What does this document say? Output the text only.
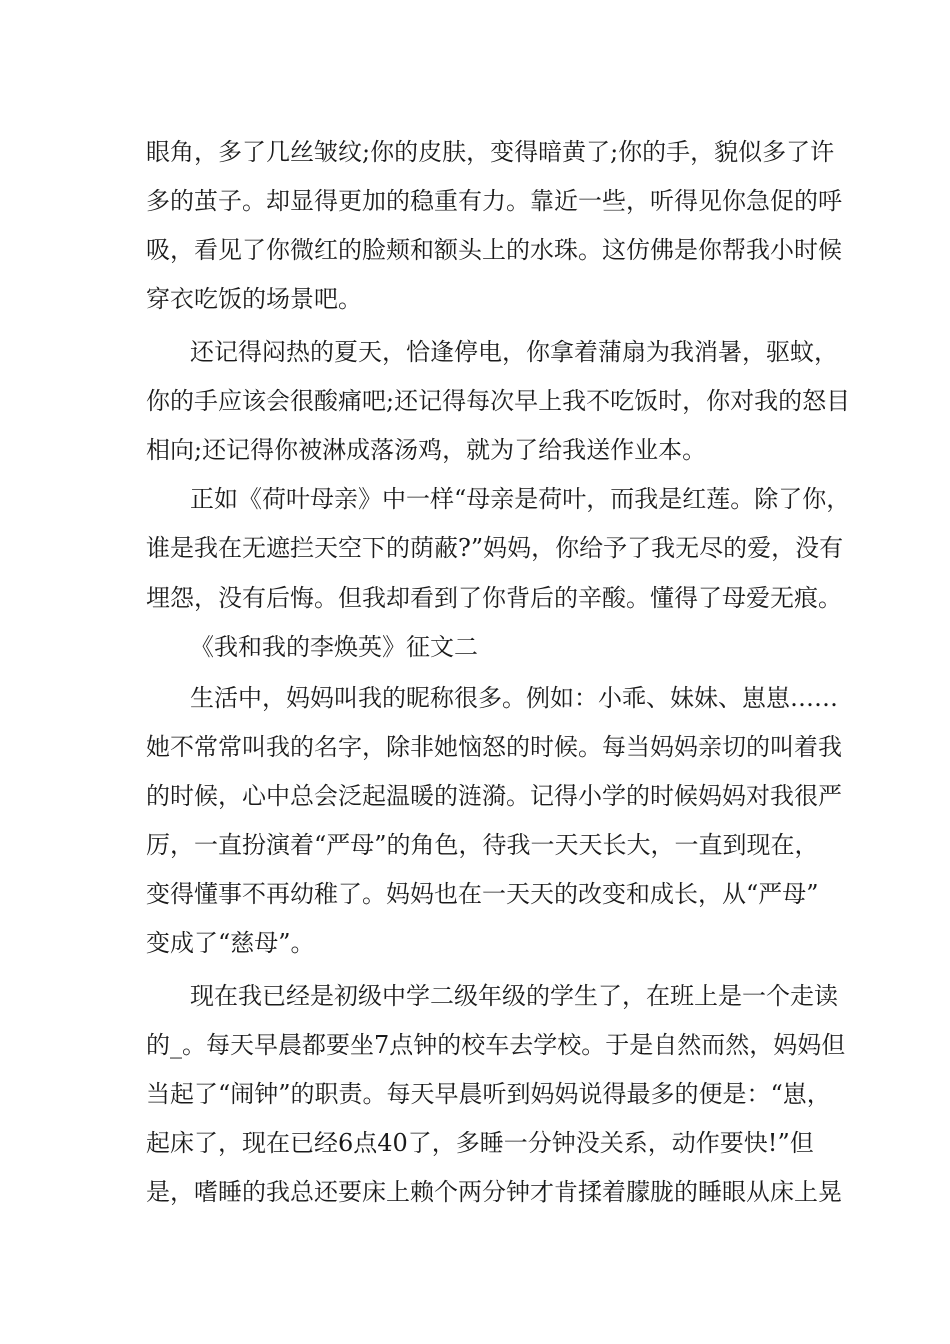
眼角，多了几丝皱纹;你的皮肤，变得暗黄了;你的手，貌似多了许
多的茧子。却显得更加的稳重有力。靠近一些，听得见你急促的呼
吸，看见了你微红的脸颊和额头上的水珠。这仿佛是你帮我小时候
穿衣吃饭的场景吧。
还记得闷热的夏天，恰逢停电，你拿着蒲扇为我消暑，驱蚊，
你的手应该会很酸痛吧;还记得每次早上我不吃饭时，你对我的怒目
相向;还记得你被淋成落汤鸡，就为了给我送作业本。
正如《荷叶母亲》中一样“母亲是荷叶，而我是红莲。除了你，
谁是我在无遮拦天空下的荫蔽?”妈妈，你给予了我无尽的爱，没有
埋怨，没有后悔。但我却看到了你背后的辛酸。懂得了母爱无痕。
《我和我的李焕英》征文二
生活中，妈妈叫我的昵称很多。例如：小乖、妹妹、崽崽……
她不常常叫我的名字，除非她恼怒的时候。每当妈妈亲切的叫着我
的时候，心中总会泛起温暖的涟漪。记得小学的时候妈妈对我很严
厉，一直扮演着“严母”的角色，待我一天天长大，一直到现在，
变得懂事不再幼稚了。妈妈也在一天天的改变和成长，从“严母”
变成了“慈母”。
现在我已经是初级中学二级年级的学生了，在班上是一个走读
的_。每天早晨都要坐7点钟的校车去学校。于是自然而然，妈妈但
当起了“闹钟”的职责。每天早晨听到妈妈说得最多的便是：“崽，
起床了，现在已经6点40了，多睡一分钟没关系，动作要快!”但
是，嗜睡的我总还要床上赖个两分钟才肯揉着朦胧的睡眼从床上晃
